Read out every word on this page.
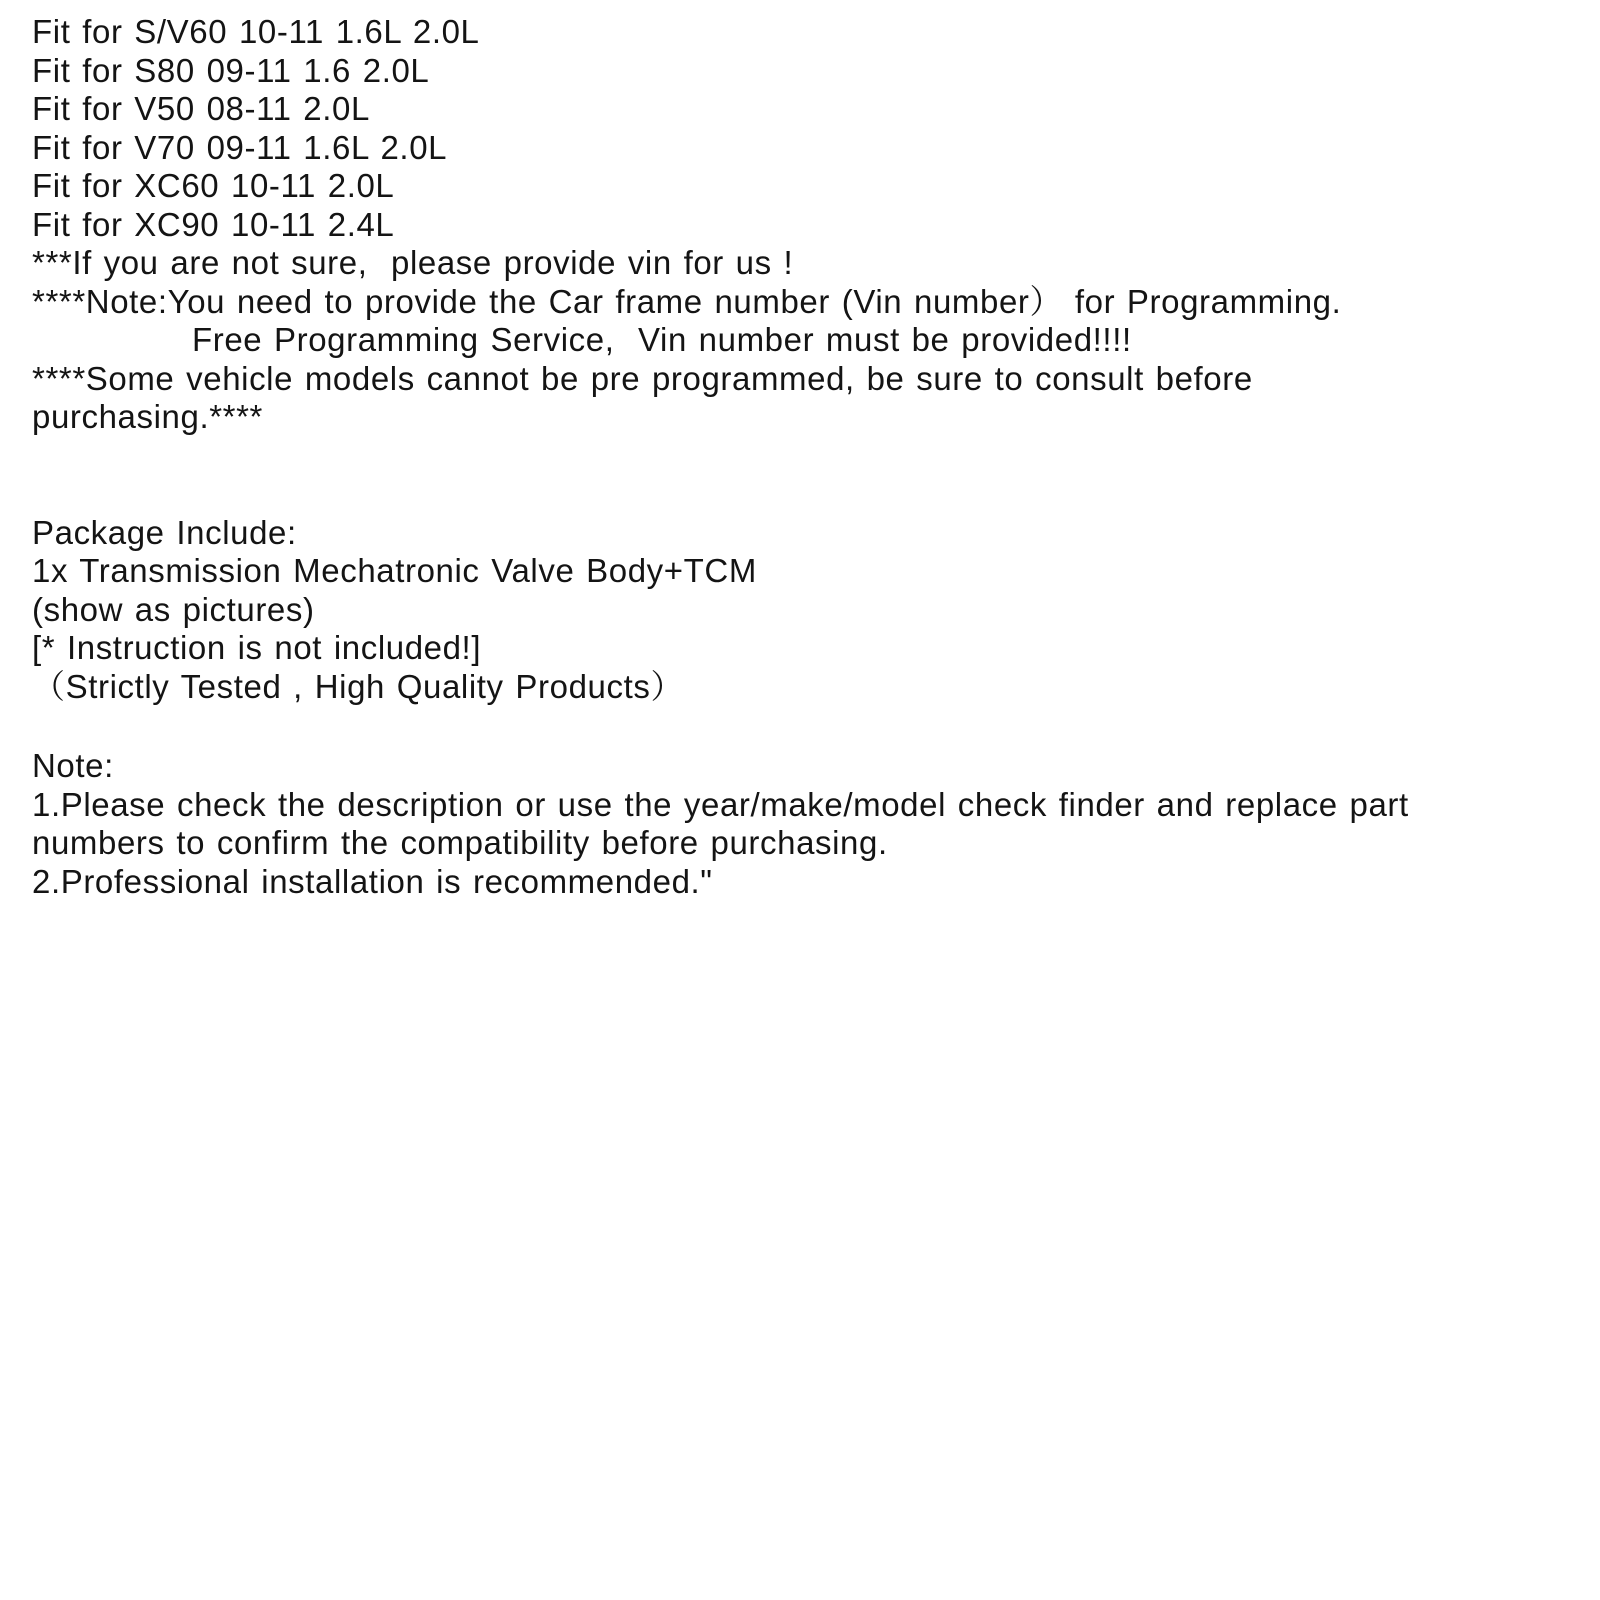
Fit for S/V60 10-11 1.6L 2.0L
Fit for S80 09-11 1.6 2.0L
Fit for V50 08-11 2.0L
Fit for V70 09-11 1.6L 2.0L
Fit for XC60 10-11 2.0L
Fit for XC90 10-11 2.4L
***If you are not sure,  please provide vin for us !
****Note:You need to provide the Car frame number (Vin number） for Programming.
Free Programming Service,  Vin number must be provided!!!!
****Some vehicle models cannot be pre programmed, be sure to consult before
purchasing.****
Package Include:
1x Transmission Mechatronic Valve Body+TCM
(show as pictures)
[* Instruction is not included!]
（Strictly Tested , High Quality Products）
Note:
1.Please check the description or use the year/make/model check finder and replace part
numbers to confirm the compatibility before purchasing.
2.Professional installation is recommended."
